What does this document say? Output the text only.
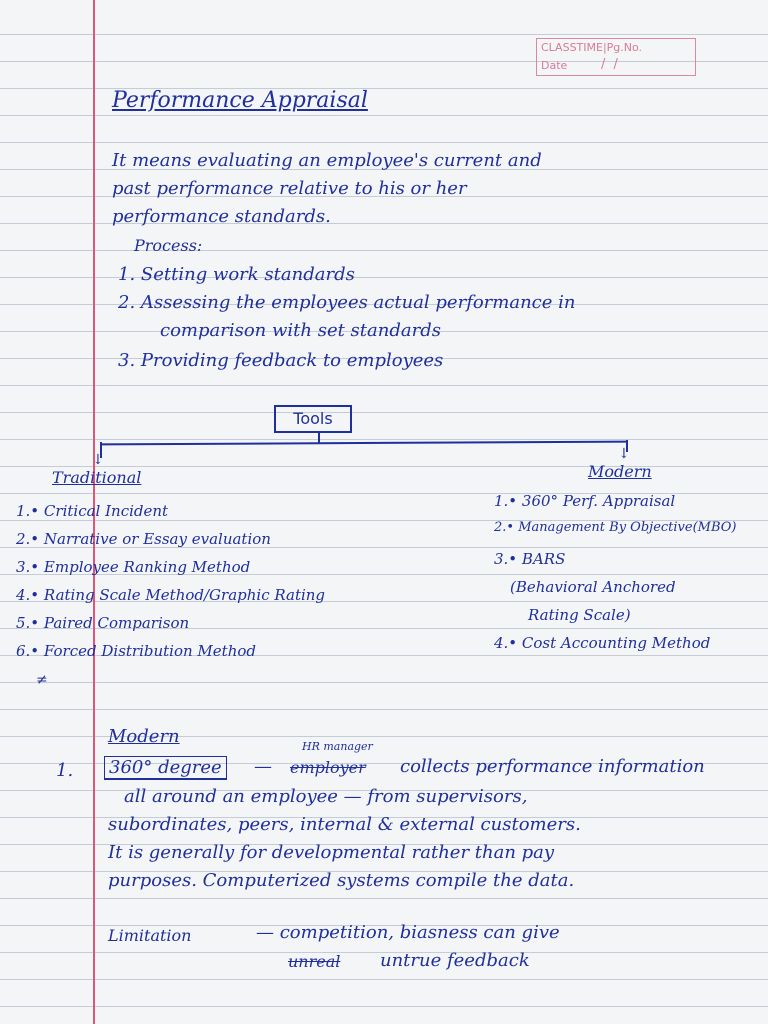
CLASSTIME|Pg.No.
Date	/ /
Performance Appraisal
It means evaluating an employee's current and
past performance relative to his or her
performance standards.
Process:
1. Setting work standards
2. Assessing the employees actual performance in
comparison with set standards
3. Providing feedback to employees
Tools
↓	↓
Traditional
1.• Critical Incident
2.• Narrative or Essay evaluation
3.• Employee Ranking Method
4.• Rating Scale Method/Graphic Rating
5.• Paired Comparison
6.• Forced Distribution Method
≠
Modern
1.• 360° Perf. Appraisal
2.• Management By Objective(MBO)
3.• BARS
(Behavioral Anchored
Rating Scale)
4.• Cost Accounting Method
Modern
1. 360° degree —
HR manager
employer collects performance information
all around an employee — from supervisors,
subordinates, peers, internal & external customers.
It is generally for developmental rather than pay
purposes. Computerized systems compile the data.
Limitation	— competition, biasness can give
unreal untrue feedback
